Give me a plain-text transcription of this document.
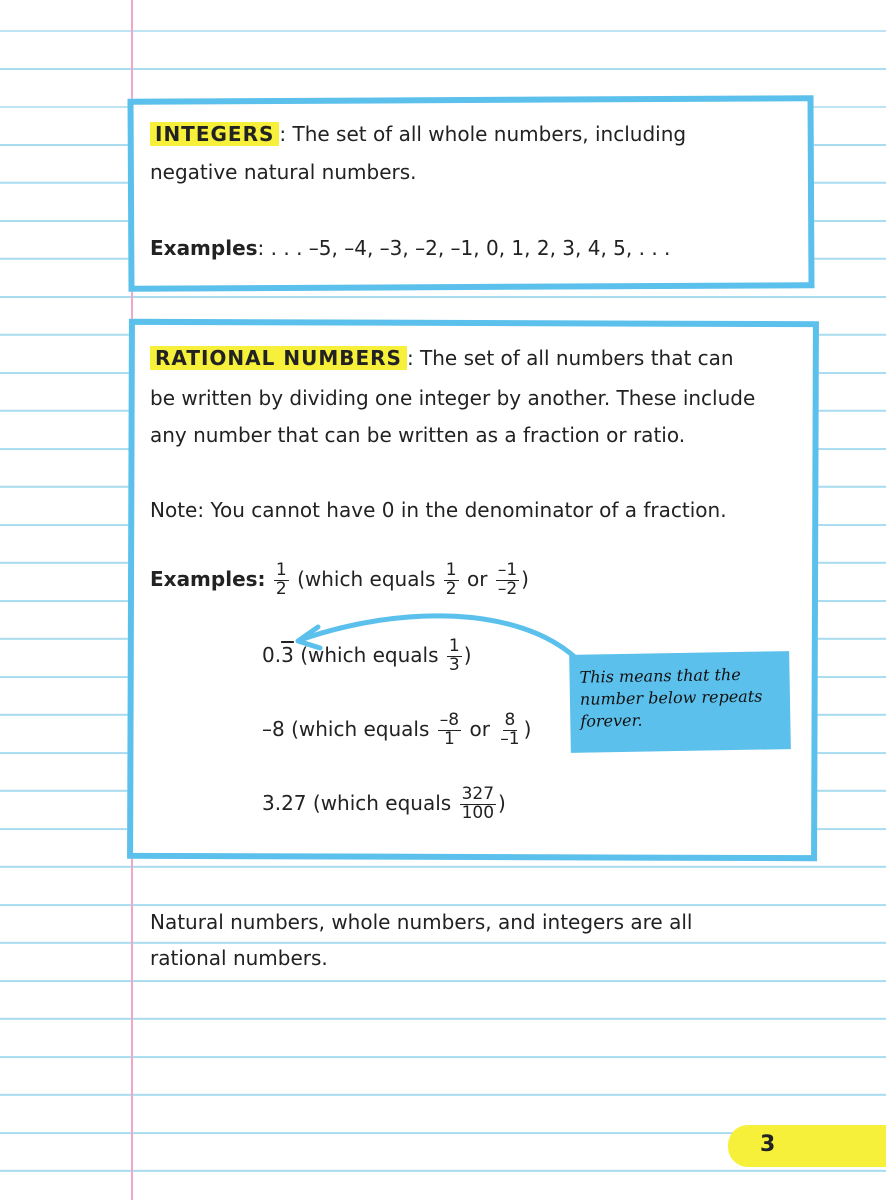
INTEGERS : The set of all whole numbers, including
negative natural numbers.
Examples: . . . –5, –4, –3, –2, –1, 0, 1, 2, 3, 4, 5, . . .
RATIONAL NUMBERS : The set of all numbers that can
be written by dividing one integer by another. These include
any number that can be written as a fraction or ratio.
Note: You cannot have 0 in the denominator of a fraction.
Examples: $\frac{1}{2}$ (which equals $\frac{1}{2}$ or $\frac{-1}{-2}$ )
0.3 (which equals $\frac{1}{3}$ )
–8 (which equals $\frac{-8}{1}$ or $\frac{8}{-1}$ )
3.27 (which equals $\frac{327}{100}$ )
This means that the
number below repeats
forever.
Natural numbers, whole numbers, and integers are all
rational numbers.
3
